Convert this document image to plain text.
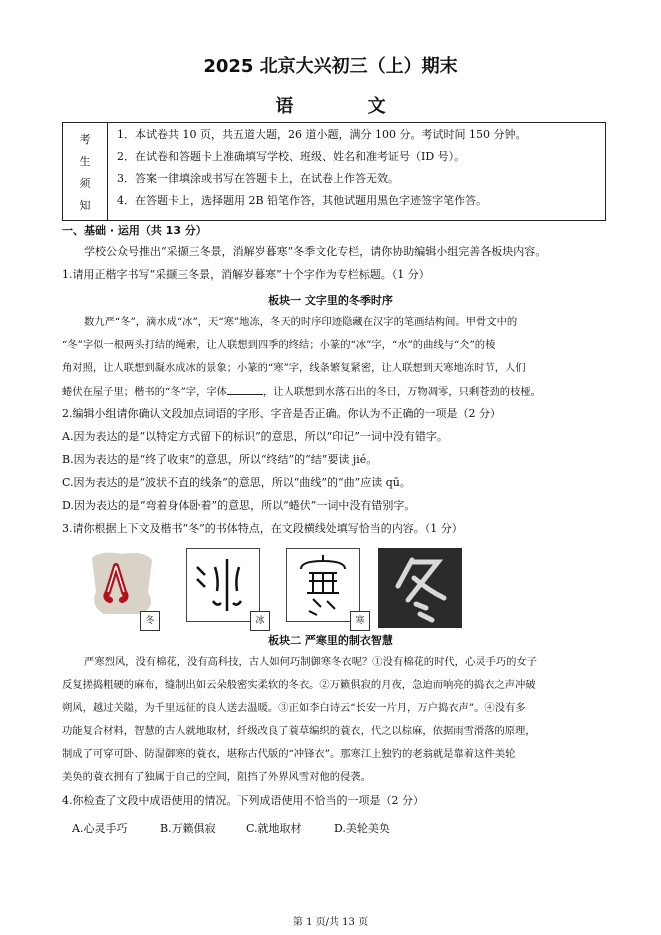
2025 北京大兴初三（上）期末
语 文
考
生
须
知
1．本试卷共 10 页，共五道大题，26 道小题，满分 100 分。考试时间 150 分钟。
2．在试卷和答题卡上准确填写学校、班级、姓名和准考证号（ID 号）。
3．答案一律填涂或书写在答题卡上，在试卷上作答无效。
4．在答题卡上，选择题用 2B 铅笔作答，其他试题用黑色字迹签字笔作答。
一、基础 · 运用（共 13 分）
学校公众号推出“采撷三冬景，消解岁暮寒”冬季文化专栏，请你协助编辑小组完善各板块内容。
1.请用正楷字书写“采撷三冬景，消解岁暮寒”十个字作为专栏标题。（1 分）
板块一 文字里的冬季时序
数九严“冬”，滴水成“冰”，天“寒”地冻，冬天的时序印迹隐藏在汉字的笔画结构间。甲骨文中的
“冬”字似一根两头打结的绳索，让人联想到四季的终结；小篆的“冰”字，“水”的曲线与“仌”的棱
角对照，让人联想到凝水成冰的景象；小篆的“寒”字，线条繁复紧密，让人联想到天寒地冻时节，人们
蜷伏在屋子里；楷书的“冬”字，字体	，让人联想到水落石出的冬日，万物凋零，只剩苍劲的枝桠。
2.编辑小组请你确认文段加点词语的字形、字音是否正确。你认为不正确的一项是（2 分）
A.因为表达的是“以特定方式留下的标识”的意思，所以“印记”一词中没有错字。
B.因为表达的是“终了收束”的意思，所以“终结”的“结”要读 jié。
C.因为表达的是“波状不直的线条”的意思，所以“曲线”的“曲”应读 qū。
D.因为表达的是“弯着身体卧着”的意思，所以“蜷伏”一词中没有错别字。
3.请你根据上下文及楷书“冬”的书体特点，在文段横线处填写恰当的内容。（1 分）
冬	冰	寒
板块二 严寒里的制衣智慧
严寒烈风，没有棉花，没有高科技，古人如何巧制御寒冬衣呢？①没有棉花的时代，心灵手巧的女子
反复搓捣粗硬的麻布，缝制出如云朵般密实柔软的冬衣。②万籁俱寂的月夜，急迫而响亮的捣衣之声冲破
朔风，越过关隘，为千里远征的良人送去温暖。③正如李白诗云“长安一片月，万户捣衣声”。④没有多
功能复合材料，智慧的古人就地取材，纤级改良了蓑草编织的蓑衣，代之以棕麻，依据雨雪滑落的原理，
制成了可穿可卧、防湿御寒的蓑衣，堪称古代版的“冲锋衣”。那寒江上独钓的老翁就是靠着这件美轮
美奂的蓑衣拥有了独属于自己的空间，阻挡了外界风雪对他的侵袭。
4.你检查了文段中成语使用的情况。下列成语使用不恰当的一项是（2 分）
A.心灵手巧	B.万籁俱寂	C.就地取材	D.美轮美奂
第 1 页/共 13 页
